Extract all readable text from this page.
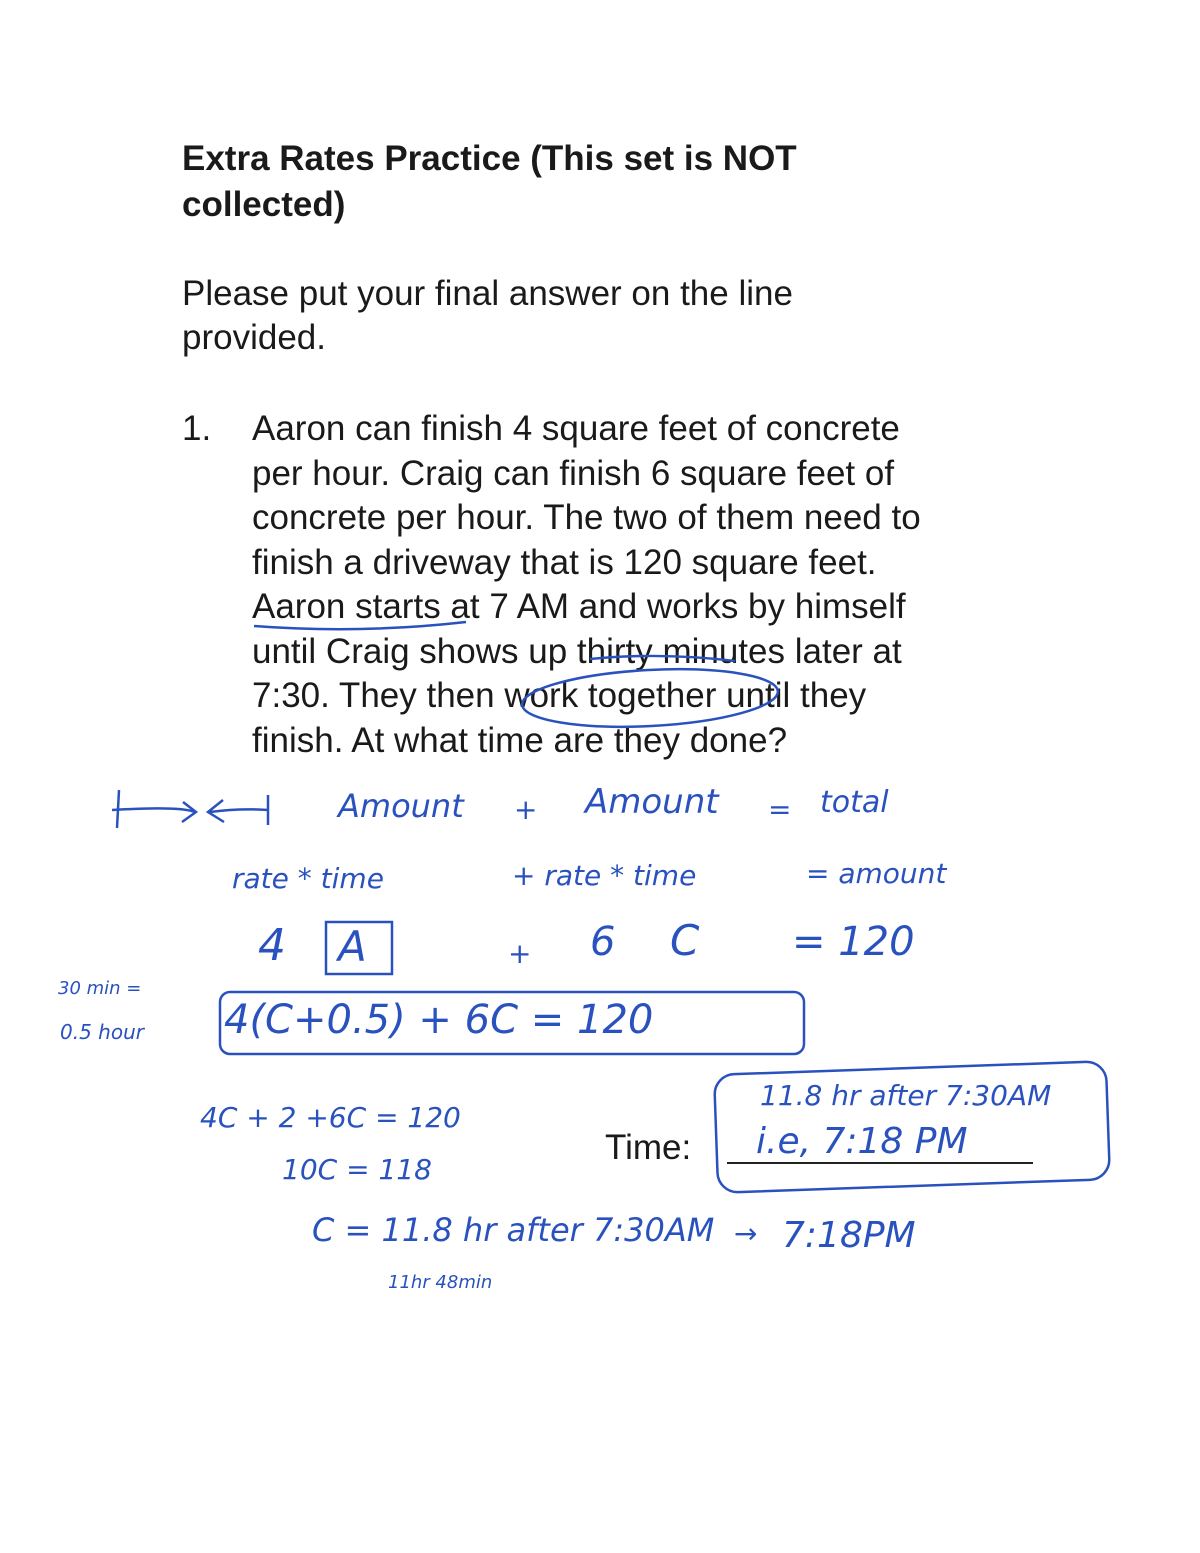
Extra Rates Practice (This set is NOT collected)
Please put your final answer on the line provided.
1. Aaron can finish 4 square feet of concrete
per hour. Craig can finish 6 square feet of
concrete per hour. The two of them need to
finish a driveway that is 120 square feet.
Aaron starts at 7 AM and works by himself
until Craig shows up thirty minutes later at
7:30. They then work together until they
finish. At what time are they done?
Amount + Amount = total
rate * time	+ rate * time	= amount
4 A	+ 6 C = 120
30 min =
0.5 hour 4(C+0.5) + 6C = 120
4C + 2 +6C = 120
10C = 118
C = 11.8 hr after 7:30AM → 7:18PM
11hr 48min
11.8 hr after 7:30AM
i.e, 7:18 PM
Time:
